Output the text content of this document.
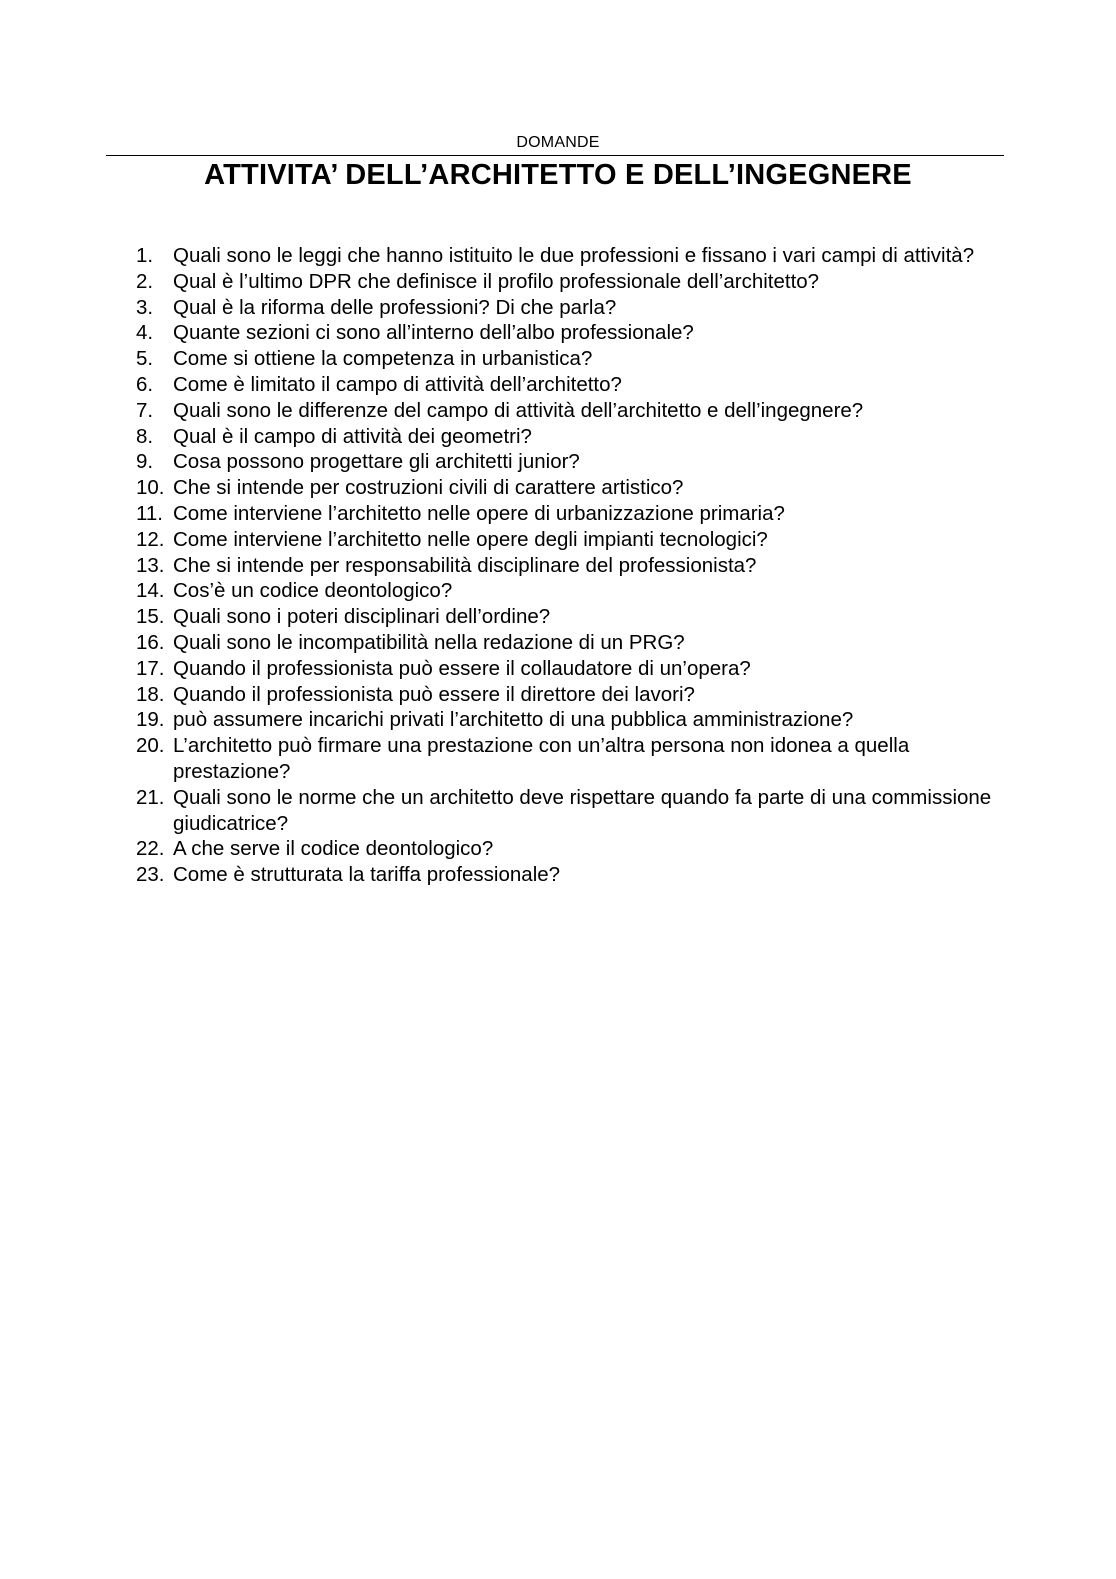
DOMANDE
ATTIVITA’ DELL’ARCHITETTO E DELL’INGEGNERE
1. Quali sono le leggi che hanno istituito le due professioni e fissano i vari campi di attività?
2. Qual è l’ultimo DPR che definisce il profilo professionale dell’architetto?
3. Qual è la riforma delle professioni? Di che parla?
4. Quante sezioni ci sono all’interno dell’albo professionale?
5. Come si ottiene la competenza in urbanistica?
6. Come è limitato il campo di attività dell’architetto?
7. Quali sono le differenze del campo di attività dell’architetto e dell’ingegnere?
8. Qual è il campo di attività dei geometri?
9. Cosa possono progettare gli architetti junior?
10. Che si intende per costruzioni civili di carattere artistico?
11. Come interviene l’architetto nelle opere di urbanizzazione primaria?
12. Come interviene l’architetto nelle opere degli impianti tecnologici?
13. Che si intende per responsabilità disciplinare del professionista?
14. Cos’è un codice deontologico?
15. Quali sono i poteri disciplinari dell’ordine?
16. Quali sono le incompatibilità nella redazione di un PRG?
17. Quando il professionista può essere il collaudatore di un’opera?
18. Quando il professionista può essere il direttore dei lavori?
19. può assumere incarichi privati l’architetto di una pubblica amministrazione?
20. L’architetto può firmare una prestazione con un’altra persona non idonea a quella prestazione?
21. Quali sono le norme che un architetto deve rispettare quando fa parte di una commissione giudicatrice?
22. A che serve il codice deontologico?
23. Come è strutturata la tariffa professionale?
